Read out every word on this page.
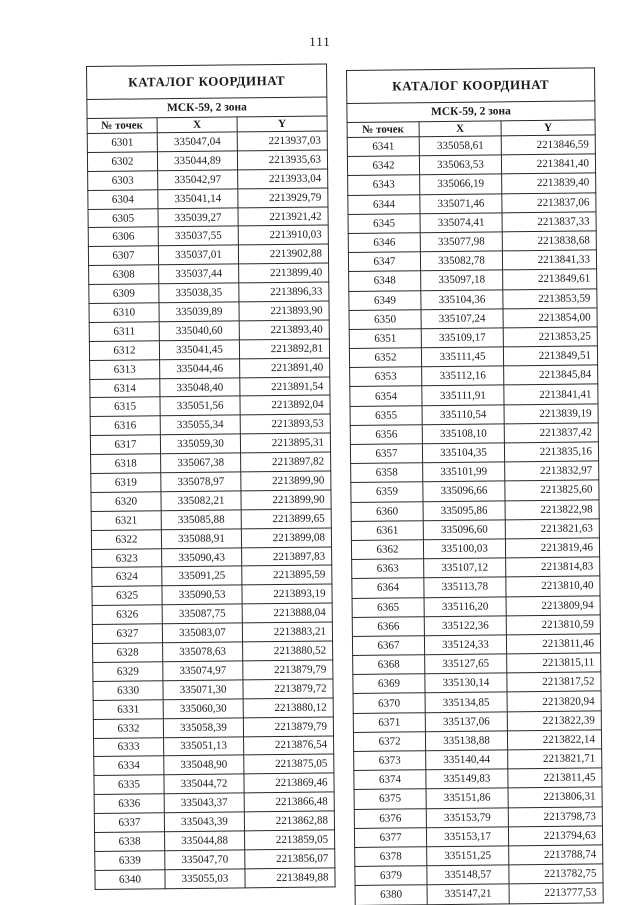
111
КАТАЛОГ КООРДИНАТ		
МСК-59, 2 зона		
№ точек	X	Y
6301	335047,04	2213937,03
6302	335044,89	2213935,63
6303	335042,97	2213933,04
6304	335041,14	2213929,79
6305	335039,27	2213921,42
6306	335037,55	2213910,03
6307	335037,01	2213902,88
6308	335037,44	2213899,40
6309	335038,35	2213896,33
6310	335039,89	2213893,90
6311	335040,60	2213893,40
6312	335041,45	2213892,81
6313	335044,46	2213891,40
6314	335048,40	2213891,54
6315	335051,56	2213892,04
6316	335055,34	2213893,53
6317	335059,30	2213895,31
6318	335067,38	2213897,82
6319	335078,97	2213899,90
6320	335082,21	2213899,90
6321	335085,88	2213899,65
6322	335088,91	2213899,08
6323	335090,43	2213897,83
6324	335091,25	2213895,59
6325	335090,53	2213893,19
6326	335087,75	2213888,04
6327	335083,07	2213883,21
6328	335078,63	2213880,52
6329	335074,97	2213879,79
6330	335071,30	2213879,72
6331	335060,30	2213880,12
6332	335058,39	2213879,79
6333	335051,13	2213876,54
6334	335048,90	2213875,05
6335	335044,72	2213869,46
6336	335043,37	2213866,48
6337	335043,39	2213862,88
6338	335044,88	2213859,05
6339	335047,70	2213856,07
6340	335055,03	2213849,88
КАТАЛОГ КООРДИНАТ		
МСК-59, 2 зона		
№ точек	X	Y
6341	335058,61	2213846,59
6342	335063,53	2213841,40
6343	335066,19	2213839,40
6344	335071,46	2213837,06
6345	335074,41	2213837,33
6346	335077,98	2213838,68
6347	335082,78	2213841,33
6348	335097,18	2213849,61
6349	335104,36	2213853,59
6350	335107,24	2213854,00
6351	335109,17	2213853,25
6352	335111,45	2213849,51
6353	335112,16	2213845,84
6354	335111,91	2213841,41
6355	335110,54	2213839,19
6356	335108,10	2213837,42
6357	335104,35	2213835,16
6358	335101,99	2213832,97
6359	335096,66	2213825,60
6360	335095,86	2213822,98
6361	335096,60	2213821,63
6362	335100,03	2213819,46
6363	335107,12	2213814,83
6364	335113,78	2213810,40
6365	335116,20	2213809,94
6366	335122,36	2213810,59
6367	335124,33	2213811,46
6368	335127,65	2213815,11
6369	335130,14	2213817,52
6370	335134,85	2213820,94
6371	335137,06	2213822,39
6372	335138,88	2213822,14
6373	335140,44	2213821,71
6374	335149,83	2213811,45
6375	335151,86	2213806,31
6376	335153,79	2213798,73
6377	335153,17	2213794,63
6378	335151,25	2213788,74
6379	335148,57	2213782,75
6380	335147,21	2213777,53
